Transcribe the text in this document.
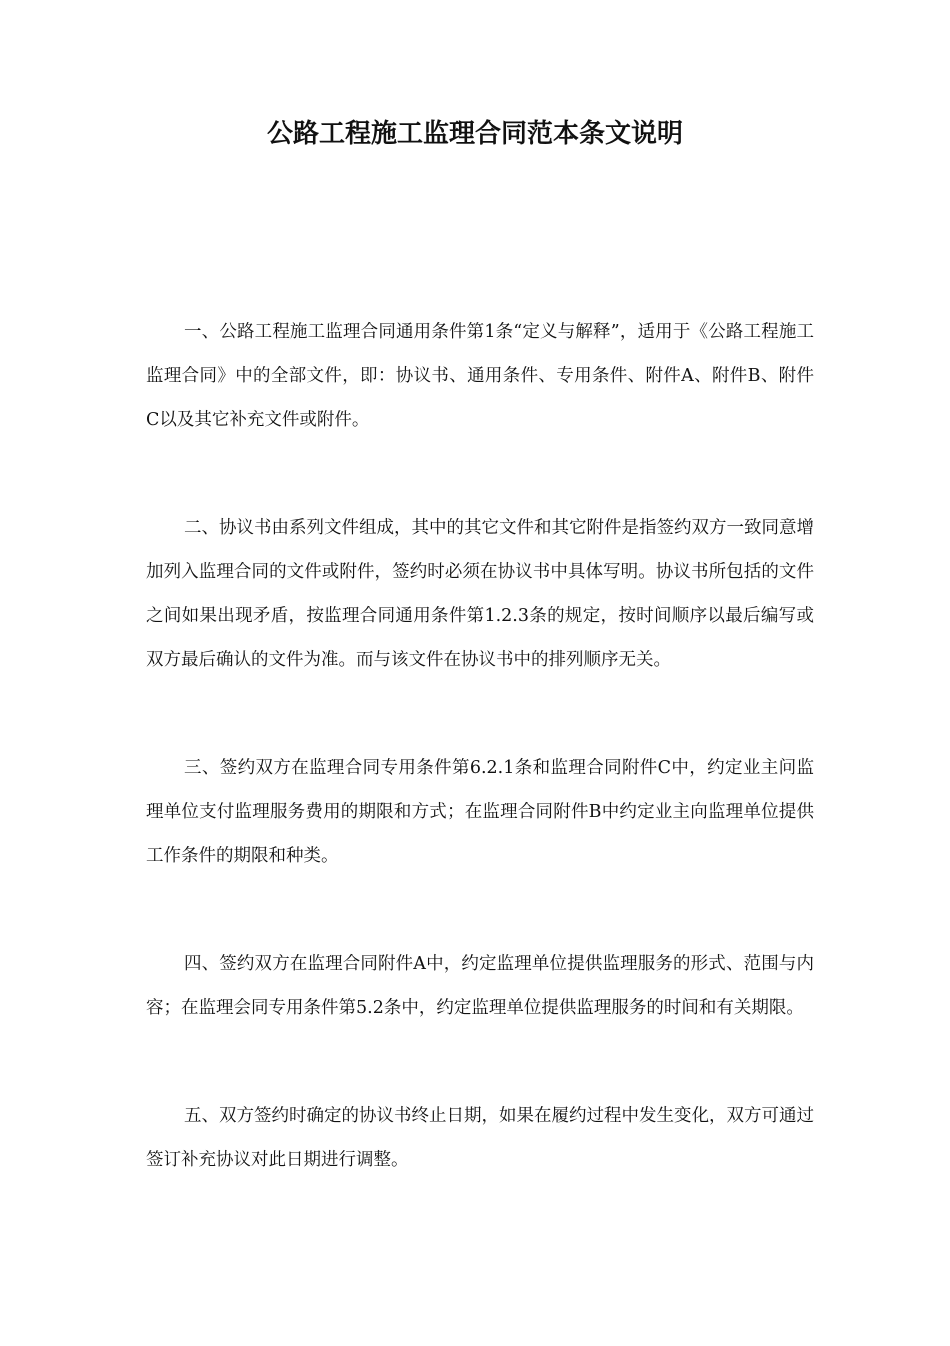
公路工程施工监理合同范本条文说明

一、公路工程施工监理合同通用条件第1条“定义与解释”，适用于《公路工程施工监理合同》中的全部文件，即：协议书、通用条件、专用条件、附件A、附件B、附件C以及其它补充文件或附件。

二、协议书由系列文件组成，其中的其它文件和其它附件是指签约双方一致同意增加列入监理合同的文件或附件，签约时必须在协议书中具体写明。协议书所包括的文件之间如果出现矛盾，按监理合同通用条件第1.2.3条的规定，按时间顺序以最后编写或双方最后确认的文件为准。而与该文件在协议书中的排列顺序无关。

三、签约双方在监理合同专用条件第6.2.1条和监理合同附件C中，约定业主问监理单位支付监理服务费用的期限和方式；在监理合同附件B中约定业主向监理单位提供工作条件的期限和种类。

四、签约双方在监理合同附件A中，约定监理单位提供监理服务的形式、范围与内容；在监理会同专用条件第5.2条中，约定监理单位提供监理服务的时间和有关期限。

五、双方签约时确定的协议书终止日期，如果在履约过程中发生变化，双方可通过签订补充协议对此日期进行调整。
